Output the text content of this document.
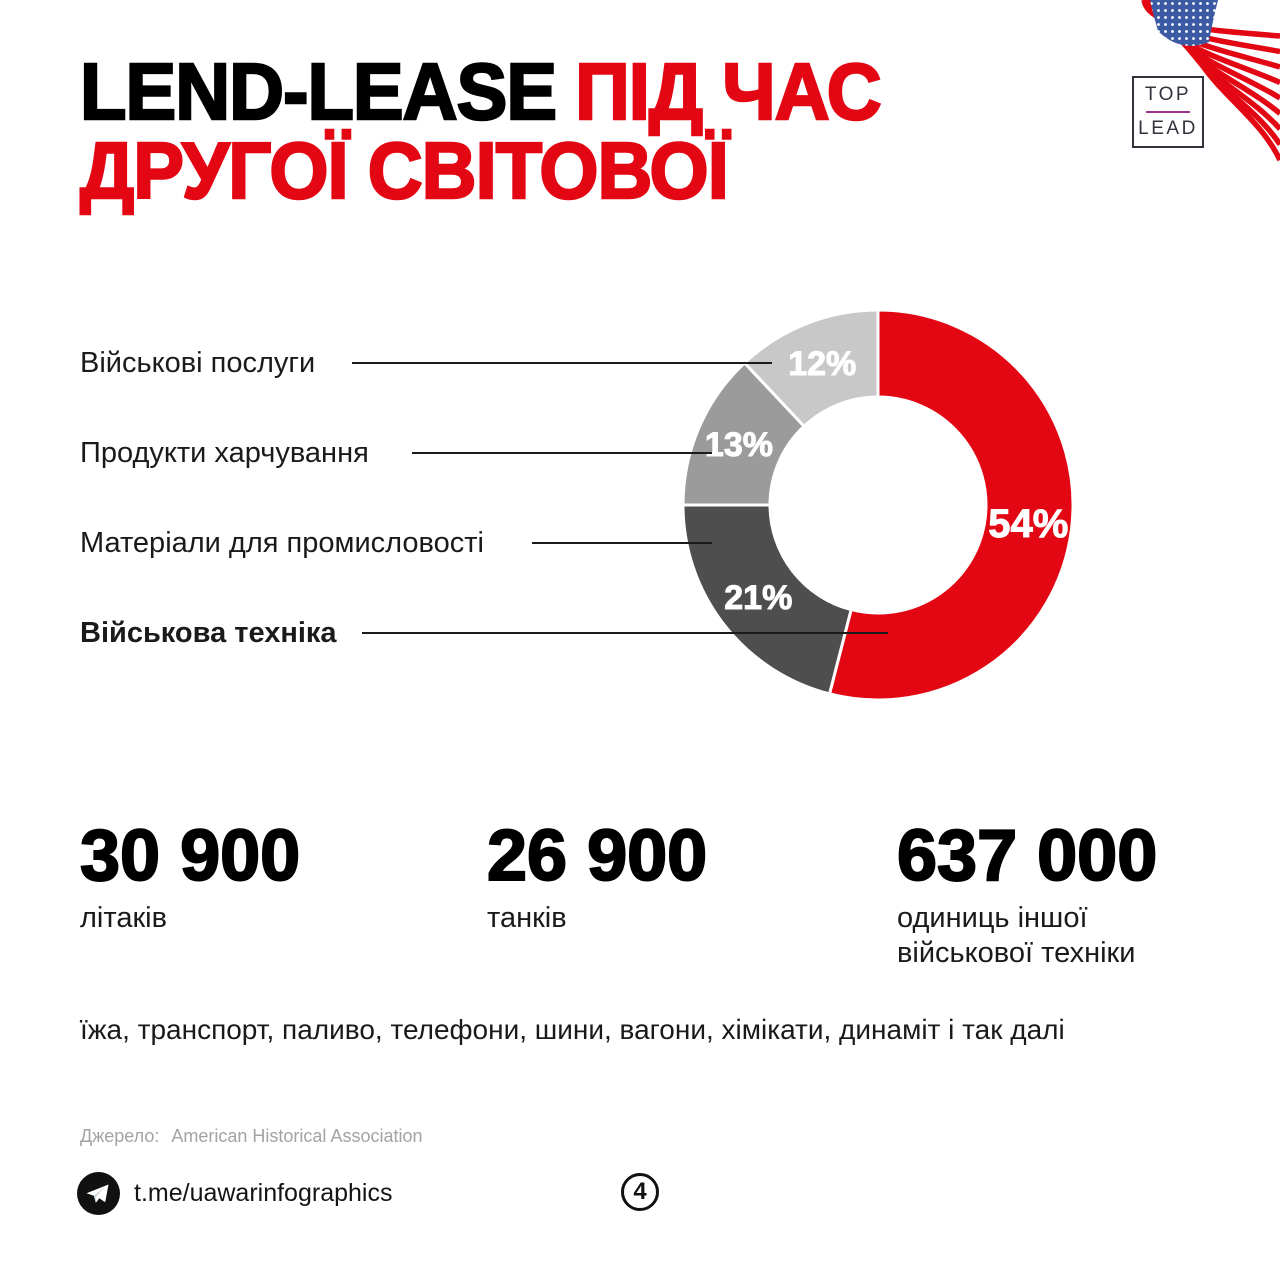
LEND-LEASE ПІД ЧАС
ДРУГОЇ СВІТОВОЇ
TOP
LEAD
54%
21%
13%
12%
Військові послуги
Продукти харчування
Матеріали для промисловості
Військова техніка
30 900
літаків
26 900
танків
637 000
одиниць іншої
військової техніки
їжа, транспорт, паливо, телефони, шини, вагони, хімікати, динаміт і так далі
Джерело: American Historical Association
t.me/uawarinfographics	4
